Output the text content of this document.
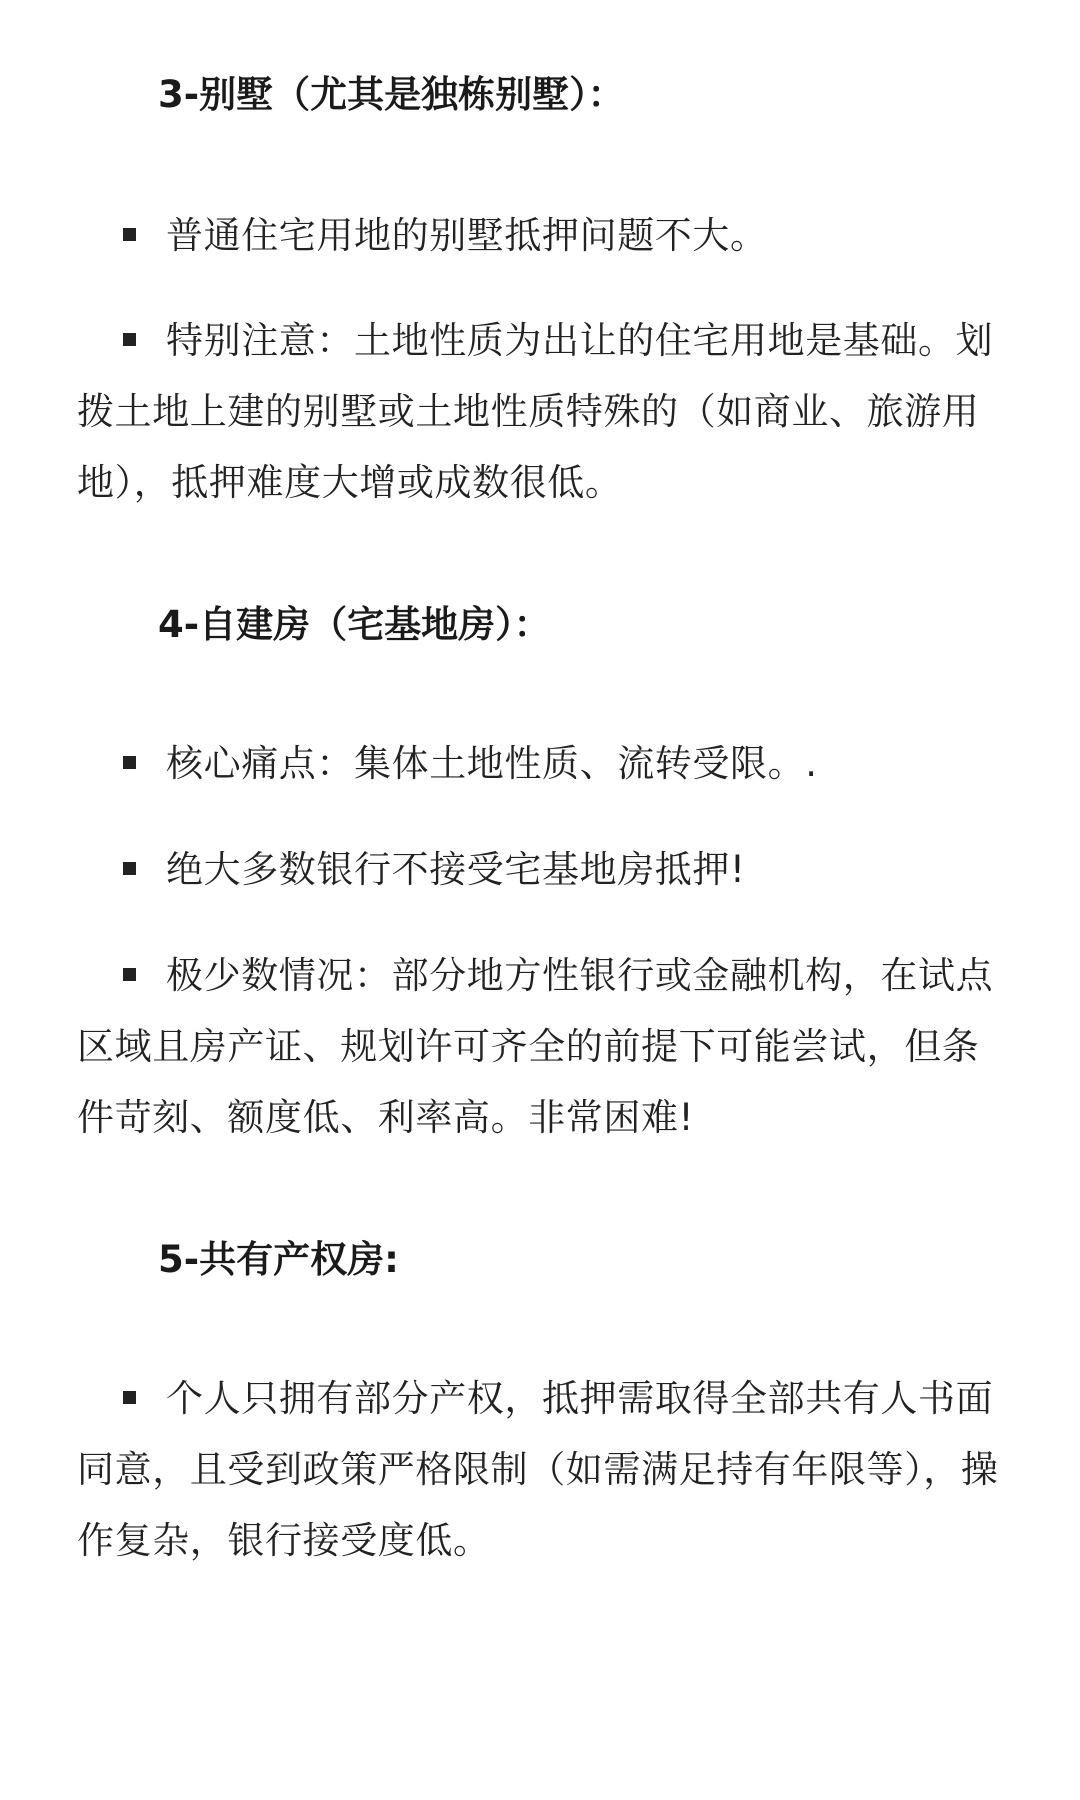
3-别墅（尤其是独栋别墅）：

普通住宅用地的别墅抵押问题不大。

特别注意：土地性质为出让的住宅用地是基础。划拨土地上建的别墅或土地性质特殊的（如商业、旅游用地），抵押难度大增或成数很低。

4-自建房（宅基地房）：

核心痛点：集体土地性质、流转受限。.

绝大多数银行不接受宅基地房抵押!

极少数情况：部分地方性银行或金融机构，在试点区域且房产证、规划许可齐全的前提下可能尝试，但条件苛刻、额度低、利率高。非常困难!

5-共有产权房:

个人只拥有部分产权，抵押需取得全部共有人书面同意，且受到政策严格限制（如需满足持有年限等），操作复杂，银行接受度低。
